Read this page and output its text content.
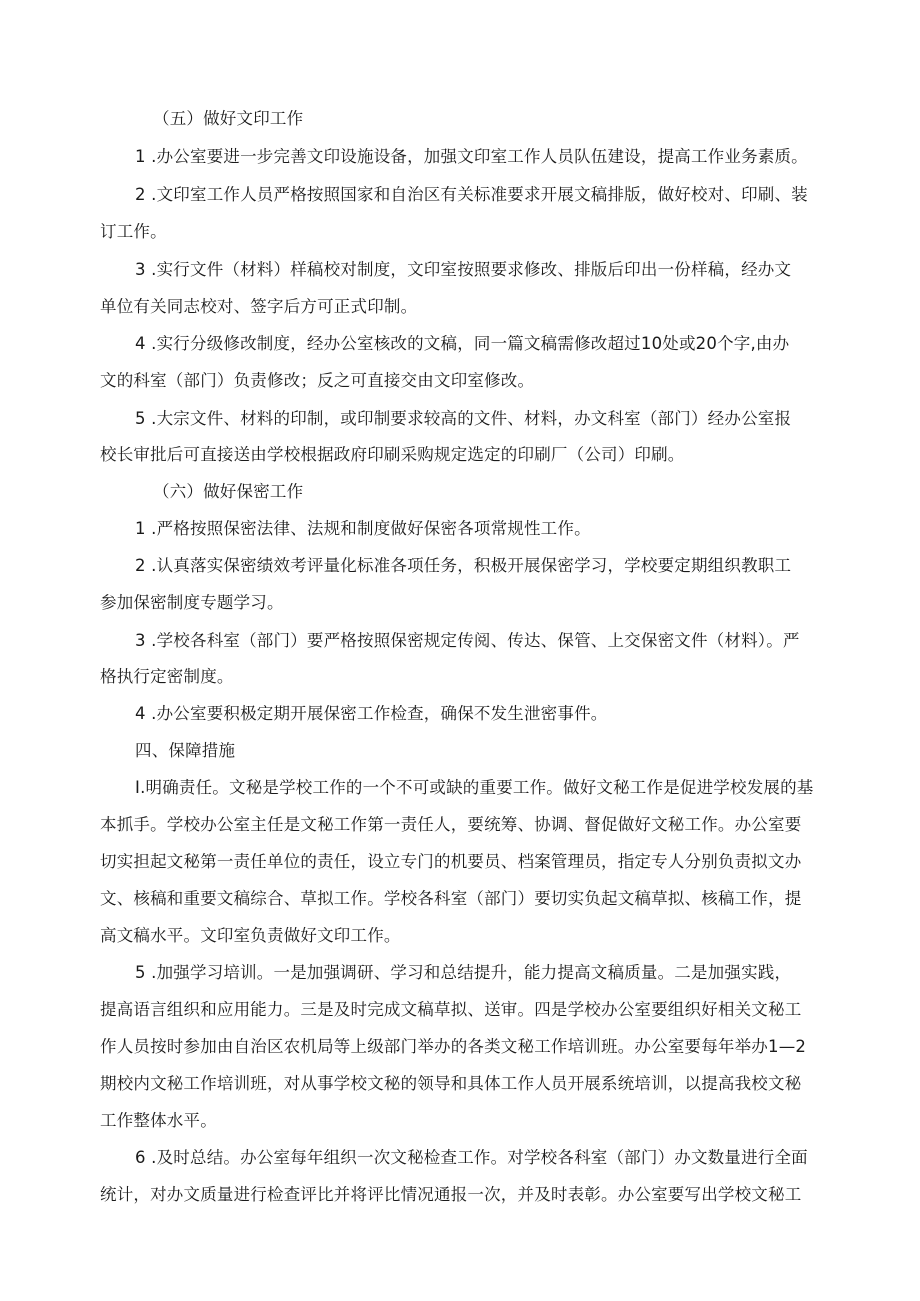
（五）做好文印工作
1 .办公室要进一步完善文印设施设备，加强文印室工作人员队伍建设，提高工作业务素质。
2 .文印室工作人员严格按照国家和自治区有关标准要求开展文稿排版，做好校对、印刷、装
订工作。
3 .实行文件（材料）样稿校对制度，文印室按照要求修改、排版后印出一份样稿，经办文
单位有关同志校对、签字后方可正式印制。
4 .实行分级修改制度，经办公室核改的文稿，同一篇文稿需修改超过10处或20个字,由办
文的科室（部门）负责修改；反之可直接交由文印室修改。
5 .大宗文件、材料的印制，或印制要求较高的文件、材料，办文科室（部门）经办公室报
校长审批后可直接送由学校根据政府印刷采购规定选定的印刷厂（公司）印刷。
（六）做好保密工作
1 .严格按照保密法律、法规和制度做好保密各项常规性工作。
2 .认真落实保密绩效考评量化标准各项任务，积极开展保密学习，学校要定期组织教职工
参加保密制度专题学习。
3 .学校各科室（部门）要严格按照保密规定传阅、传达、保管、上交保密文件（材料）。严
格执行定密制度。
4 .办公室要积极定期开展保密工作检查，确保不发生泄密事件。
四、保障措施
I.明确责任。文秘是学校工作的一个不可或缺的重要工作。做好文秘工作是促进学校发展的基
本抓手。学校办公室主任是文秘工作第一责任人，要统筹、协调、督促做好文秘工作。办公室要
切实担起文秘第一责任单位的责任，设立专门的机要员、档案管理员，指定专人分别负责拟文办
文、核稿和重要文稿综合、草拟工作。学校各科室（部门）要切实负起文稿草拟、核稿工作，提
高文稿水平。文印室负责做好文印工作。
5 .加强学习培训。一是加强调研、学习和总结提升，能力提高文稿质量。二是加强实践，
提高语言组织和应用能力。三是及时完成文稿草拟、送审。四是学校办公室要组织好相关文秘工
作人员按时参加由自治区农机局等上级部门举办的各类文秘工作培训班。办公室要每年举办1—2
期校内文秘工作培训班，对从事学校文秘的领导和具体工作人员开展系统培训，以提高我校文秘
工作整体水平。
6 .及时总结。办公室每年组织一次文秘检查工作。对学校各科室（部门）办文数量进行全面
统计，对办文质量进行检查评比并将评比情况通报一次，并及时表彰。办公室要写出学校文秘工
